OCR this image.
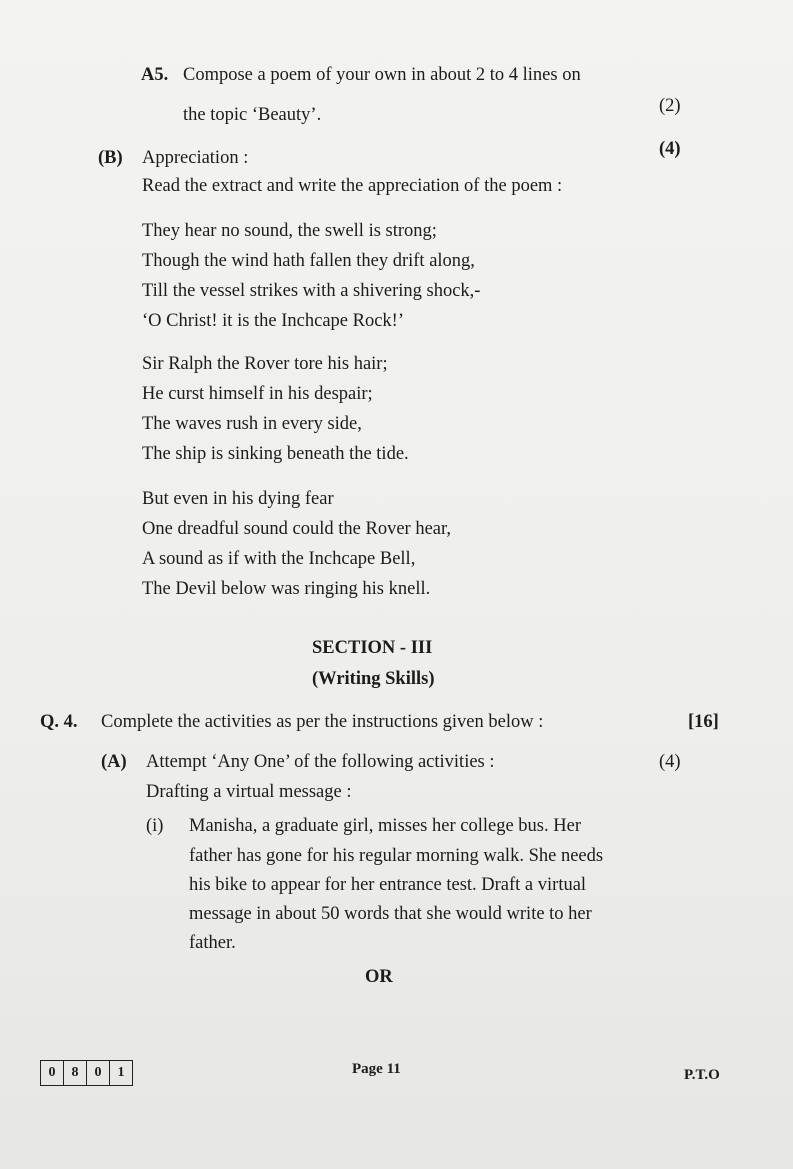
A5. Compose a poem of your own in about 2 to 4 lines on
the topic ‘Beauty’.	(2)
(B) Appreciation :	(4)
Read the extract and write the appreciation of the poem :
They hear no sound, the swell is strong;
Though the wind hath fallen they drift along,
Till the vessel strikes with a shivering shock,-
‘O Christ! it is the Inchcape Rock!’
Sir Ralph the Rover tore his hair;
He curst himself in his despair;
The waves rush in every side,
The ship is sinking beneath the tide.
But even in his dying fear
One dreadful sound could the Rover hear,
A sound as if with the Inchcape Bell,
The Devil below was ringing his knell.
SECTION - III
(Writing Skills)
Q. 4. Complete the activities as per the instructions given below :	[16]
(A) Attempt ‘Any One’ of the following activities :	(4)
Drafting a virtual message :
(i) Manisha, a graduate girl, misses her college bus. Her
father has gone for his regular morning walk. She needs
his bike to appear for her entrance test. Draft a virtual
message in about 50 words that she would write to her
father.
OR
0	8	0	1	Page 11	P.T.O
